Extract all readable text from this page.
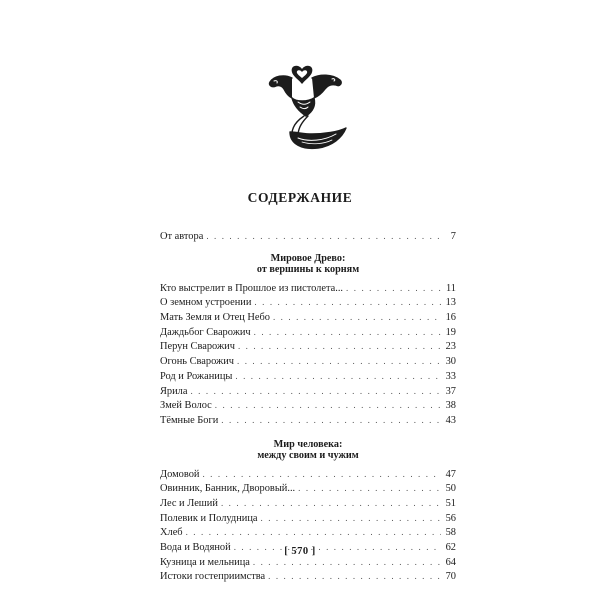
СОДЕРЖАНИЕ
От автора . . .	7
Мировое Древо:
от вершины к корням
Кто выстрелит в Прошлое из пистолета... . . .	11
О земном устроении . . .	13
Мать Земля и Отец Небо . . .	16
Даждьбог Сварожич . . .	19
Перун Сварожич . . .	23
Огонь Сварожич . . .	30
Род и Рожаницы . . .	33
Ярила . . .	37
Змей Волос . . .	38
Тёмные Боги . . .	43
Мир человека:
между своим и чужим
Домовой . . .	47
Овинник, Банник, Дворовый... . . .	50
Лес и Леший . . .	51
Полевик и Полудница . . .	56
Хлеб . . .	58
Вода и Водяной . . .	62
Кузница и мельница . . .	64
Истоки гостеприимства . . .	70
[ 570 ]
